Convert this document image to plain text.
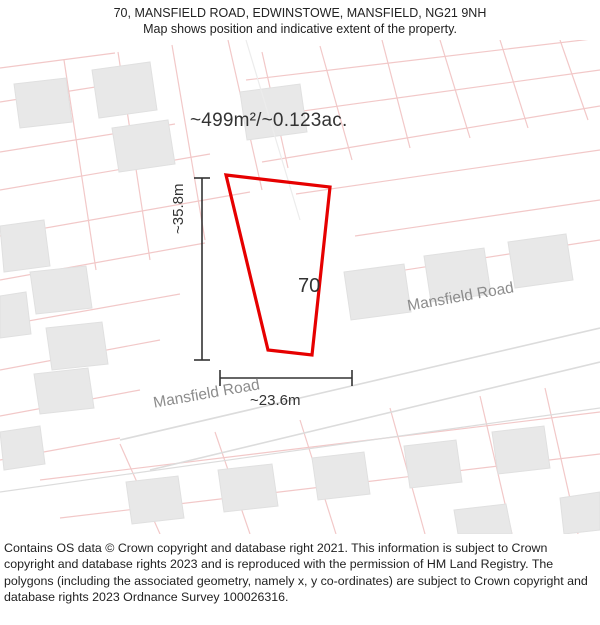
70, MANSFIELD ROAD, EDWINSTOWE, MANSFIELD, NG21 9NH
Map shows position and indicative extent of the property.
~499m²/~0.123ac.
70
~35.8m
~23.6m
Mansfield Road
Mansfield Road
Contains OS data © Crown copyright and database right 2021. This information is subject to Crown copyright and database rights 2023 and is reproduced with the permission of HM Land Registry. The polygons (including the associated geometry, namely x, y co-ordinates) are subject to Crown copyright and database rights 2023 Ordnance Survey 100026316.
